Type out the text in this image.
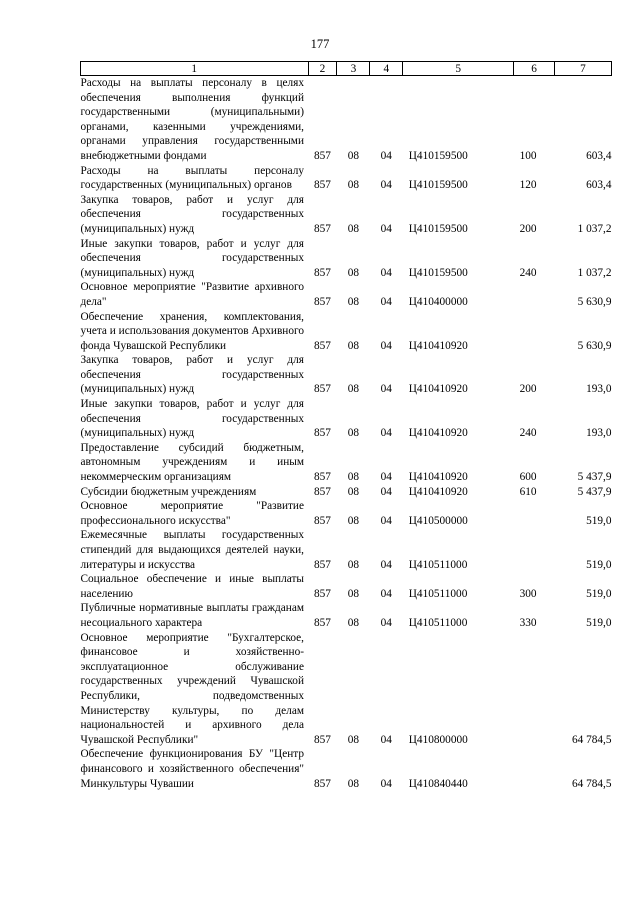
177
1	2	3	4	5	6	7
Расходы на выплаты персоналу в целях обеспечения выполнения функций государственными (муниципальными) органами, казенными учреждениями, органами управления государственными внебюджетными фондами	857	08	04	Ц410159500	100	603,4
Расходы на выплаты персоналу государственных (муниципальных) органов	857	08	04	Ц410159500	120	603,4
Закупка товаров, работ и услуг для обеспечения государственных (муниципальных) нужд	857	08	04	Ц410159500	200	1 037,2
Иные закупки товаров, работ и услуг для обеспечения государственных (муниципальных) нужд	857	08	04	Ц410159500	240	1 037,2
Основное мероприятие "Развитие архивного дела"	857	08	04	Ц410400000		5 630,9
Обеспечение хранения, комплектования, учета и использования документов Архивного фонда Чувашской Республики	857	08	04	Ц410410920		5 630,9
Закупка товаров, работ и услуг для обеспечения государственных (муниципальных) нужд	857	08	04	Ц410410920	200	193,0
Иные закупки товаров, работ и услуг для обеспечения государственных (муниципальных) нужд	857	08	04	Ц410410920	240	193,0
Предоставление субсидий бюджетным, автономным учреждениям и иным некоммерческим организациям	857	08	04	Ц410410920	600	5 437,9
Субсидии бюджетным учреждениям	857	08	04	Ц410410920	610	5 437,9
Основное мероприятие "Развитие профессионального искусства"	857	08	04	Ц410500000		519,0
Ежемесячные выплаты государственных стипендий для выдающихся деятелей науки, литературы и искусства	857	08	04	Ц410511000		519,0
Социальное обеспечение и иные выплаты населению	857	08	04	Ц410511000	300	519,0
Публичные нормативные выплаты гражданам несоциального характера	857	08	04	Ц410511000	330	519,0
Основное мероприятие "Бухгалтерское, финансовое и хозяйственно-эксплуатационное обслуживание государственных учреждений Чувашской Республики, подведомственных Министерству культуры, по делам национальностей и архивного дела Чувашской Республики"	857	08	04	Ц410800000		64 784,5
Обеспечение функционирования БУ "Центр финансового и хозяйственного обеспечения" Минкультуры Чувашии	857	08	04	Ц410840440		64 784,5
